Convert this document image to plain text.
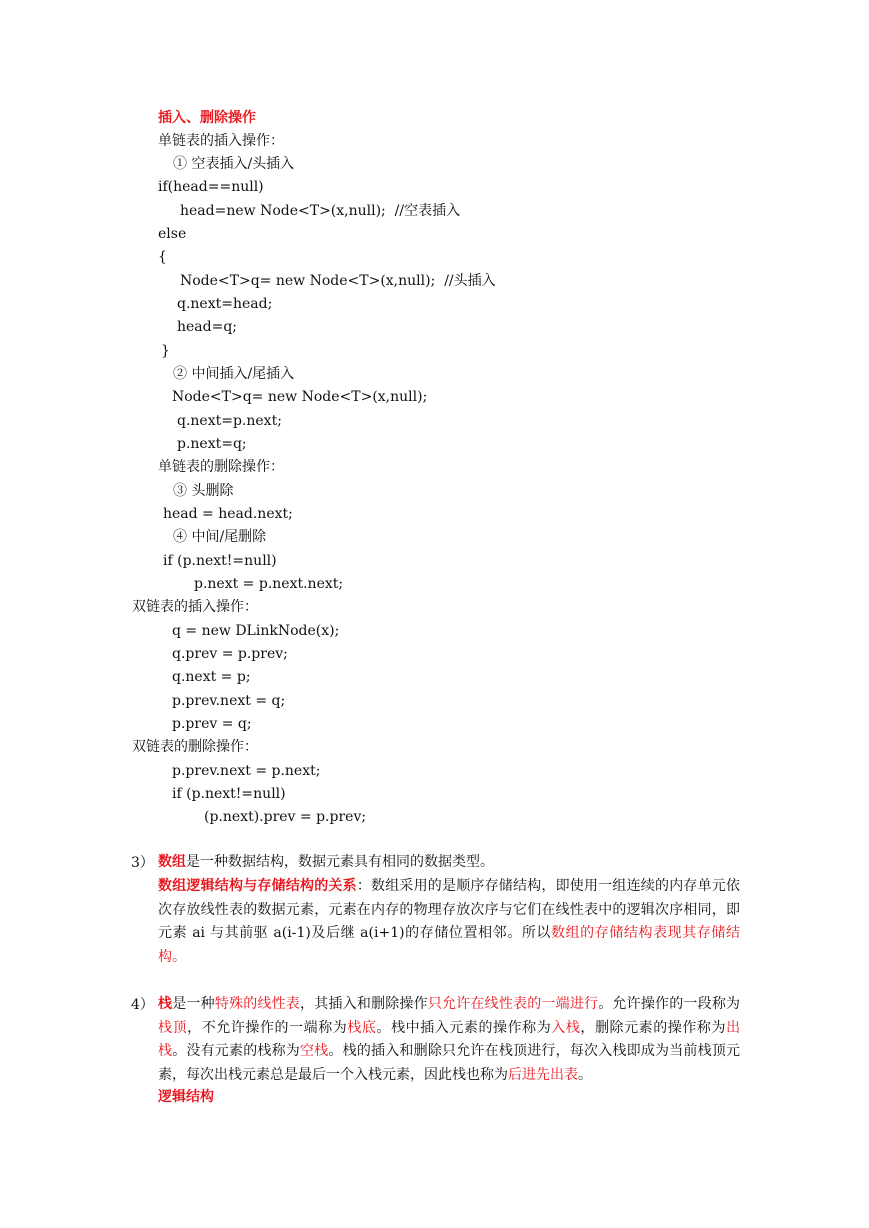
插入、删除操作
单链表的插入操作：
① 空表插入/头插入
if(head==null)
head=new Node<T>(x,null);  //空表插入
else
{
Node<T>q= new Node<T>(x,null);  //头插入
q.next=head;
head=q;
}
② 中间插入/尾插入
Node<T>q= new Node<T>(x,null);
q.next=p.next;
p.next=q;
单链表的删除操作：
③ 头删除
head = head.next;
④ 中间/尾删除
if (p.next!=null)
p.next = p.next.next;
双链表的插入操作：
q = new DLinkNode(x);
q.prev = p.prev;
q.next = p;
p.prev.next = q;
p.prev = q;
双链表的删除操作：
p.prev.next = p.next;
if (p.next!=null)
(p.next).prev = p.prev;
3） 数组是一种数据结构，数据元素具有相同的数据类型。
数组逻辑结构与存储结构的关系：数组采用的是顺序存储结构，即使用一组连续的内存单元依次存放线性表的数据元素，元素在内存的物理存放次序与它们在线性表中的逻辑次序相同，即元素 ai 与其前驱 a(i-1)及后继 a(i+1)的存储位置相邻。所以数组的存储结构表现其存储结构。
4） 栈是一种特殊的线性表，其插入和删除操作只允许在线性表的一端进行。允许操作的一段称为栈顶，不允许操作的一端称为栈底。栈中插入元素的操作称为入栈，删除元素的操作称为出栈。没有元素的栈称为空栈。栈的插入和删除只允许在栈顶进行，每次入栈即成为当前栈顶元素，每次出栈元素总是最后一个入栈元素，因此栈也称为后进先出表。
逻辑结构
